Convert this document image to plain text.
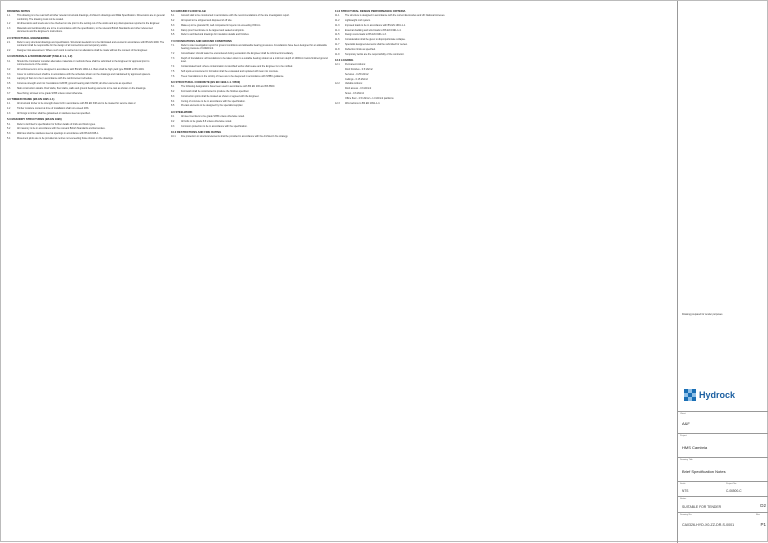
DRAWING NOTES
1.1	This drawing is to be read with all other relevant structural drawings, Architect's drawings and M&E Specification. Dimensions are in general conformity. The drawing must not be scaled.
1.2	All dimensions and levels are to be checked on site prior to the setting out of the works and any discrepancies reported to the Engineer.
1.3	Materials and workmanship are to be in accordance with the specification, to the relevant British Standards and other referenced documents and the Engineer's instructions.
2.0 STRUCTURAL ENGINEERING
2.1	Refer to any structural drawings and specification. Structural steelwork is to be fabricated and erected in accordance with BS EN 1090. The contractor shall be responsible for the design of all connections and temporary works.
2.2	Designer risk assessment. Where such work is carried out no alterations shall be made without the consent of the Engineer.
3.0 MATERIALS & WORKMANSHIP (TABLE 1.1, 1.2)
3.1	Should the Contractor consider alternative materials or methods these shall be submitted to the Engineer for approval prior to commencement of the works.
3.2	All reinforcement is to be designed in accordance with BS EN 1992-1-1. Bars shall be high yield type B500B to BS 4449.
3.3	Cover to reinforcement shall be in accordance with the schedule shown on the drawings and maintained by approved spacers.
3.4	Lapping of bars is to be in accordance with the reinforcement schedule.
3.5	Concrete strength and mix: foundations C28/35; ground bearing slab C32/40; all other elements as specified.
3.6	Slab construction details. Roof slabs, floor slabs, walls and ground bearing elements to be cast as shown on the drawings.
3.7	Steel fixing: all steel to be grade S355 unless noted otherwise.
4.0 TIMBER FRAME (BS EN 1995-1-1)
4.1	All structural timber to be strength class C24 in accordance with BS EN 338 and to be treated for service class 2.
4.2	Timber moisture content at time of installation shall not exceed 20%.
4.3	All fixings to timber shall be galvanised or stainless steel as specified.
5.0 MASONRY STRUCTURES (BS EN 1996)
5.1	Refer to Architect's specification for further details of brick and block types.
5.2	All masonry to be in accordance with the relevant British Standards and Eurocodes.
5.3	Wall ties shall be stainless steel at spacings in accordance with BS EN 845-1.
5.4	Movement joints are to be provided at centres not exceeding those shown on the drawings.
6.0 GROUND FLOOR SLAB
6.1	Ground slab to be constructed in accordance with the recommendations of the site investigation report.
6.2	All topsoil to be stripped and disposed of off site.
6.3	Make-up to be granular fill, well compacted in layers not exceeding 150mm.
6.4	Damp proof membrane to be lapped and sealed at all joints.
6.5	Refer to architectural drawings for insulation details and finishes.
7.0 FOUNDATIONS AND GROUND CONDITIONS
7.1	Refer to site investigation report for ground conditions and allowable bearing pressures. Foundations have been designed for an allowable bearing pressure of 100kN/m2.
7.2	Groundwater: should water be encountered during excavation the Engineer shall be informed immediately.
7.3	Depth of foundations: all foundations to be taken down to a suitable bearing stratum at a minimum depth of 1000mm below finished ground level.
7.4	Contaminated land: where contamination is identified works shall cease and the Engineer is to be notified.
7.5	Soft spots encountered in formation shall be excavated and replaced with lean mix concrete.
7.6	Trees: foundations in the vicinity of trees are to be deepened in accordance with NHBC guidance.
8.0 STRUCTURAL CONCRETE (BS EN 1992-1-1 / 8500)
8.1	The following designations have been used in accordance with BS EN 206 and BS 8500.
8.2	Formwork shall be constructed to produce the finishes specified.
8.3	Construction joints shall be located as shown or agreed with the Engineer.
8.4	Curing of concrete to be in accordance with the specification.
8.5	Precast elements to be designed by the specialist supplier.
9.0 STEELWORK
9.1	All steel members to be grade S355 unless otherwise noted.
9.2	All bolts to be grade 8.8 unless otherwise noted.
9.3	Corrosion protection to be in accordance with the specification.
10.0 RESTRICTIONS AND FIRE RATING
10.1	Fire protection to structural elements shall be provided in accordance with the Architect's fire strategy.
11.0 STRUCTURAL DESIGN PERFORMANCE CRITERIA
11.1	The structure is designed in accordance with the current Eurocodes and UK National Annexes.
11.2	Lightweight roof system.
11.3	Imposed loads to be in accordance with BS EN 1991-1-1.
11.4	External cladding and wind loads to BS EN 1991-1-4.
11.5	Design snow loads to BS EN 1991-1-3.
11.6	Consideration shall be given to disproportionate collapse.
11.7	Specialist designed elements shall be submitted for review.
11.8	Deflection limits as specified.
11.9	Temporary works are the responsibility of the contractor.
12.0 LOADING
12.1	Permanent Actions:
Roof Finishes - 0.5 kN/m2
Services - 0.25 kN/m2
Ceilings - 0.15 kN/m2
12.2	Variable Actions:
Roof access - 0.6 kN/m2
Snow - 0.6 kN/m2
Office floor - 2.5 kN/m2 + 1.0 kN/m2 partitions
12.3	Wind actions to BS EN 1991-1-4.
Drawing prepared for tender purposes
Hydrock
Client
A&F
Project
HMS Cambria
Drawing Title
Brief Specification Notes
Scale
NTS
Project No.
C-06500-C
Status
SUITABLE FOR TENDER	D2
Drawing No.
CA0326-HYD-X0-ZZ-DR-S-0001
Rev
P1
